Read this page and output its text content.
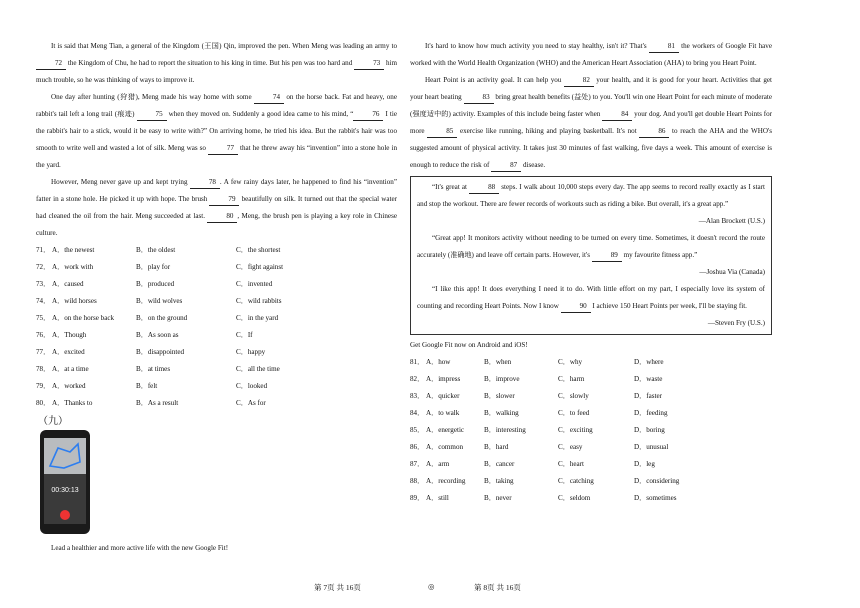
It is said that Meng Tian, a general of the Kingdom (王国) Qin, improved the pen. When Meng was leading an army to 72 the Kingdom of Chu, he had to report the situation to his king in time. But his pen was too hard and	73 him much trouble, so he was thinking of ways to improve it.

One day after hunting (狩猎), Meng made his way home with some	74 on the horse back. Fat and heavy, one rabbit's tail left a long trail (痕迹)	75 when they moved on. Suddenly a good idea came to his mind, “	76 I tie the rabbit's hair to a stick, would it be easy to write with?” On arriving home, he tried his idea. But the rabbit's hair was too smooth to write well and wasted a lot of silk. Meng was so	77 that he threw away his “invention” into a stone hole in the yard.

However, Meng never gave up and kept trying	78 . A few rainy days later, he happened to find his “invention” fatter in a stone hole. He picked it up with hope. The brush	79 beautifully on silk. It turned out that the special water had cleaned the oil from the hair. Meng succeeded at last.	80 , Meng, the brush pen is playing a key role in Chinese culture.

71． A．the newest	B．the oldest	C．the shortest
72． A．work with	B．play for	C．fight against
73． A．caused	B．produced	C．invented
74． A．wild horses	B．wild wolves	C．wild rabbits
75． A．on the horse back	B．on the ground	C．in the yard
76． A．Though	B．As soon as	C．If
77． A．excited	B．disappointed	C．happy
78． A．at a time	B．at times	C．all the time
79． A．worked	B．felt	C．looked
80． A．Thanks to	B．As a result	C．As for
（九）
00:30:13

Lead a healthier and more active life with the new Google Fit!

It's hard to know how much activity you need to stay healthy, isn't it? That's	81 the workers of Google Fit have worked with the World Health Organization (WHO) and the American Heart Association (AHA) to bring you Heart Point.

Heart Point is an activity goal. It can help you	82 your health, and it is good for your heart. Activities that get your heart beating	83 bring great health benefits (益处) to you. You'll win one Heart Point for each minute of moderate (强度适中的) activity. Examples of this include being faster when	84 your dog. And you'll get double Heart Points for more	85 exercise like running, hiking and playing basketball. It's not	86 to reach the AHA and the WHO's suggested amount of physical activity. It takes just 30 minutes of fast walking, five days a week. This amount of exercise is enough to reduce the risk of	87 disease.

“It's great at	88 steps. I walk about 10,000 steps every day. The app seems to record really exactly as I start and stop the workout. There are fewer records of workouts such as riding a bike. But overall, it's a great app.”

—Alan Brockett (U.S.)

“Great app! It monitors activity without needing to be turned on every time. Sometimes, it doesn't record the route accurately (准确地) and leave off certain parts. However, it's	89 my favourite fitness app.”

—Joshua Via (Canada)

“I like this app! It does everything I need it to do. With little effort on my part, I especially love its system of counting and recording Heart Points. Now I know	90 I achieve 150 Heart Points per week, I'll be staying fit.

—Steven Fry (U.S.)

Get Google Fit now on Android and iOS!

81． A．how	B．when	C．why	D．where
82． A．impress	B．improve	C．harm	D．waste
83． A．quicker	B．slower	C．slowly	D．faster
84． A．to walk	B．walking	C．to feed	D．feeding
85． A．energetic	B．interesting	C．exciting	D．boring
86． A．common	B．hard	C．easy	D．unusual
87． A．arm	B．cancer	C．heart	D．leg
88． A．recording	B．taking	C．catching	D．considering
89． A．still	B．never	C．seldom	D．sometimes
第 7页 共 16页	◎	第 8页 共 16页
